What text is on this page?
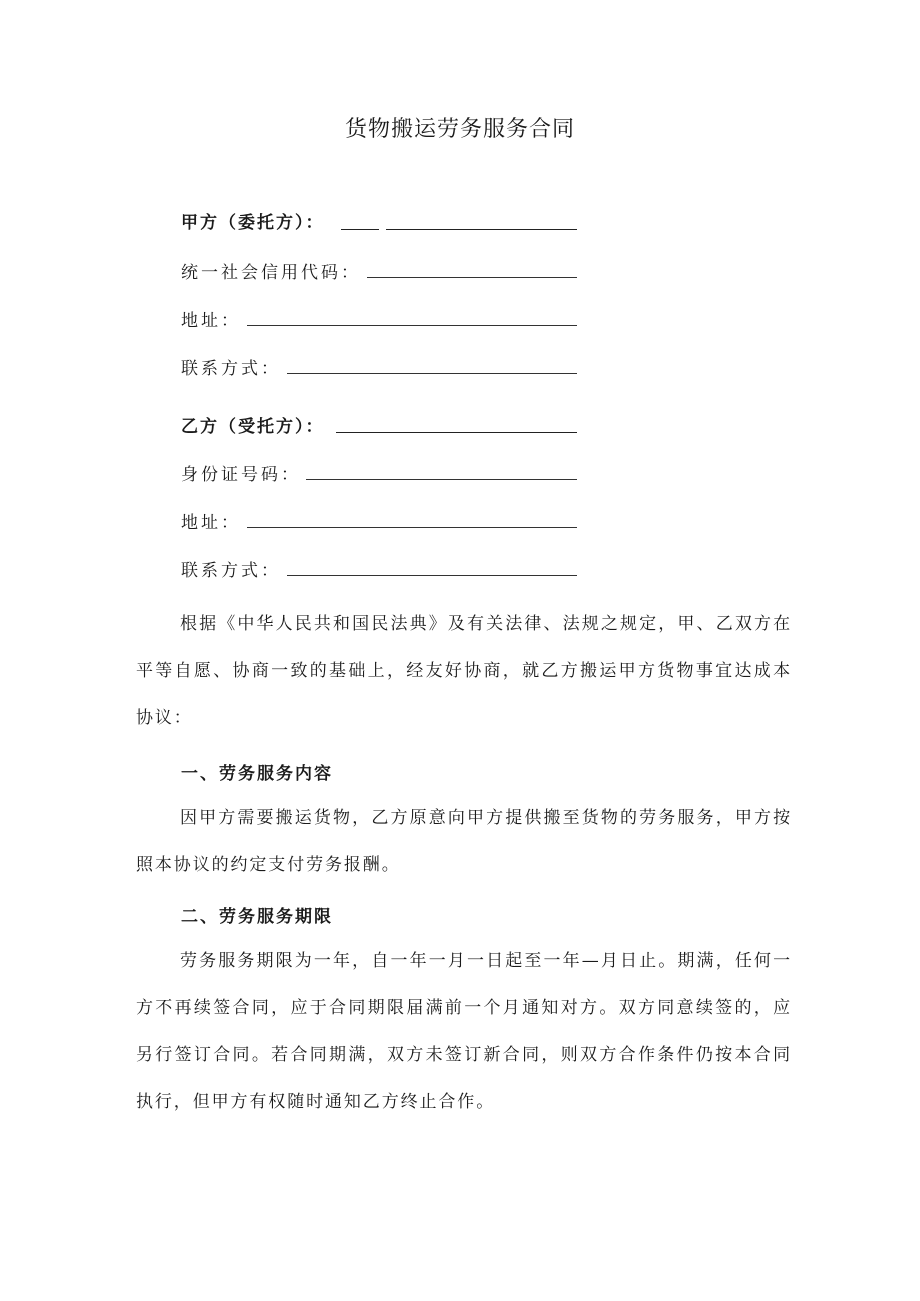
货物搬运劳务服务合同
甲方（委托方）：
统一社会信用代码：
地址：
联系方式：
乙方（受托方）：
身份证号码：
地址：
联系方式：
根据《中华人民共和国民法典》及有关法律、法规之规定，甲、乙双方在平等自愿、协商一致的基础上，经友好协商，就乙方搬运甲方货物事宜达成本协议：
一、劳务服务内容
因甲方需要搬运货物，乙方原意向甲方提供搬至货物的劳务服务，甲方按照本协议的约定支付劳务报酬。
二、劳务服务期限
劳务服务期限为一年，自一年一月一日起至一年—月日止。期满，任何一方不再续签合同，应于合同期限届满前一个月通知对方。双方同意续签的，应另行签订合同。若合同期满，双方未签订新合同，则双方合作条件仍按本合同执行，但甲方有权随时通知乙方终止合作。
